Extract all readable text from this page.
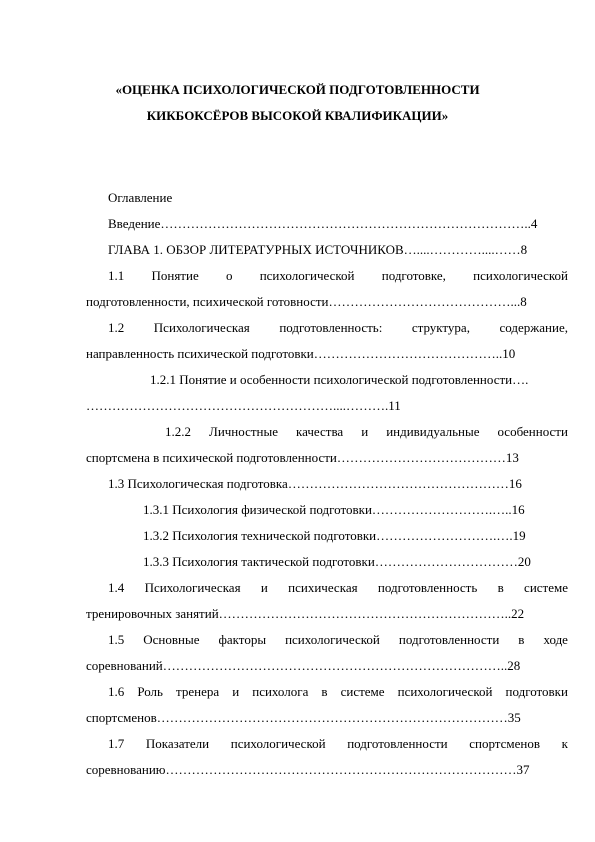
«ОЦЕНКА ПСИХОЛОГИЧЕСКОЙ ПОДГОТОВЛЕННОСТИ
КИКБОКСЁРОВ ВЫСОКОЙ КВАЛИФИКАЦИИ»
Оглавление
Введение…………………………………………………………………………..4
ГЛАВА 1. ОБЗОР ЛИТЕРАТУРНЫХ ИСТОЧНИКОВ…....…………....……8
1.1 Понятие о психологической подготовке, психологической
подготовленности, психической готовности……………………………………...8
1.2 Психологическая подготовленность: структура, содержание,
направленность психической подготовки……………………………………..10
1.2.1 Понятие и особенности психологической подготовленности….
…………………………………………………....……….11
1.2.2 Личностные качества и индивидуальные особенности
спортсмена в психической подготовленности…………………………………13
1.3 Психологическая подготовка……………………………………………16
1.3.1 Психология физической подготовки……………………….…..16
1.3.2 Психология технической подготовки……………………….….19
1.3.3 Психология тактической подготовки……………………………20
1.4 Психологическая и психическая подготовленность в системе
тренировочных занятий…………………………………………………………..22
1.5 Основные факторы психологической подготовленности в ходе
соревнований……………………………………………………………………..28
1.6 Роль тренера и психолога в системе психологической подготовки
спортсменов………………………………………………………………………35
1.7 Показатели психологической подготовленности спортсменов к
соревнованию………………………………………………………………………37
